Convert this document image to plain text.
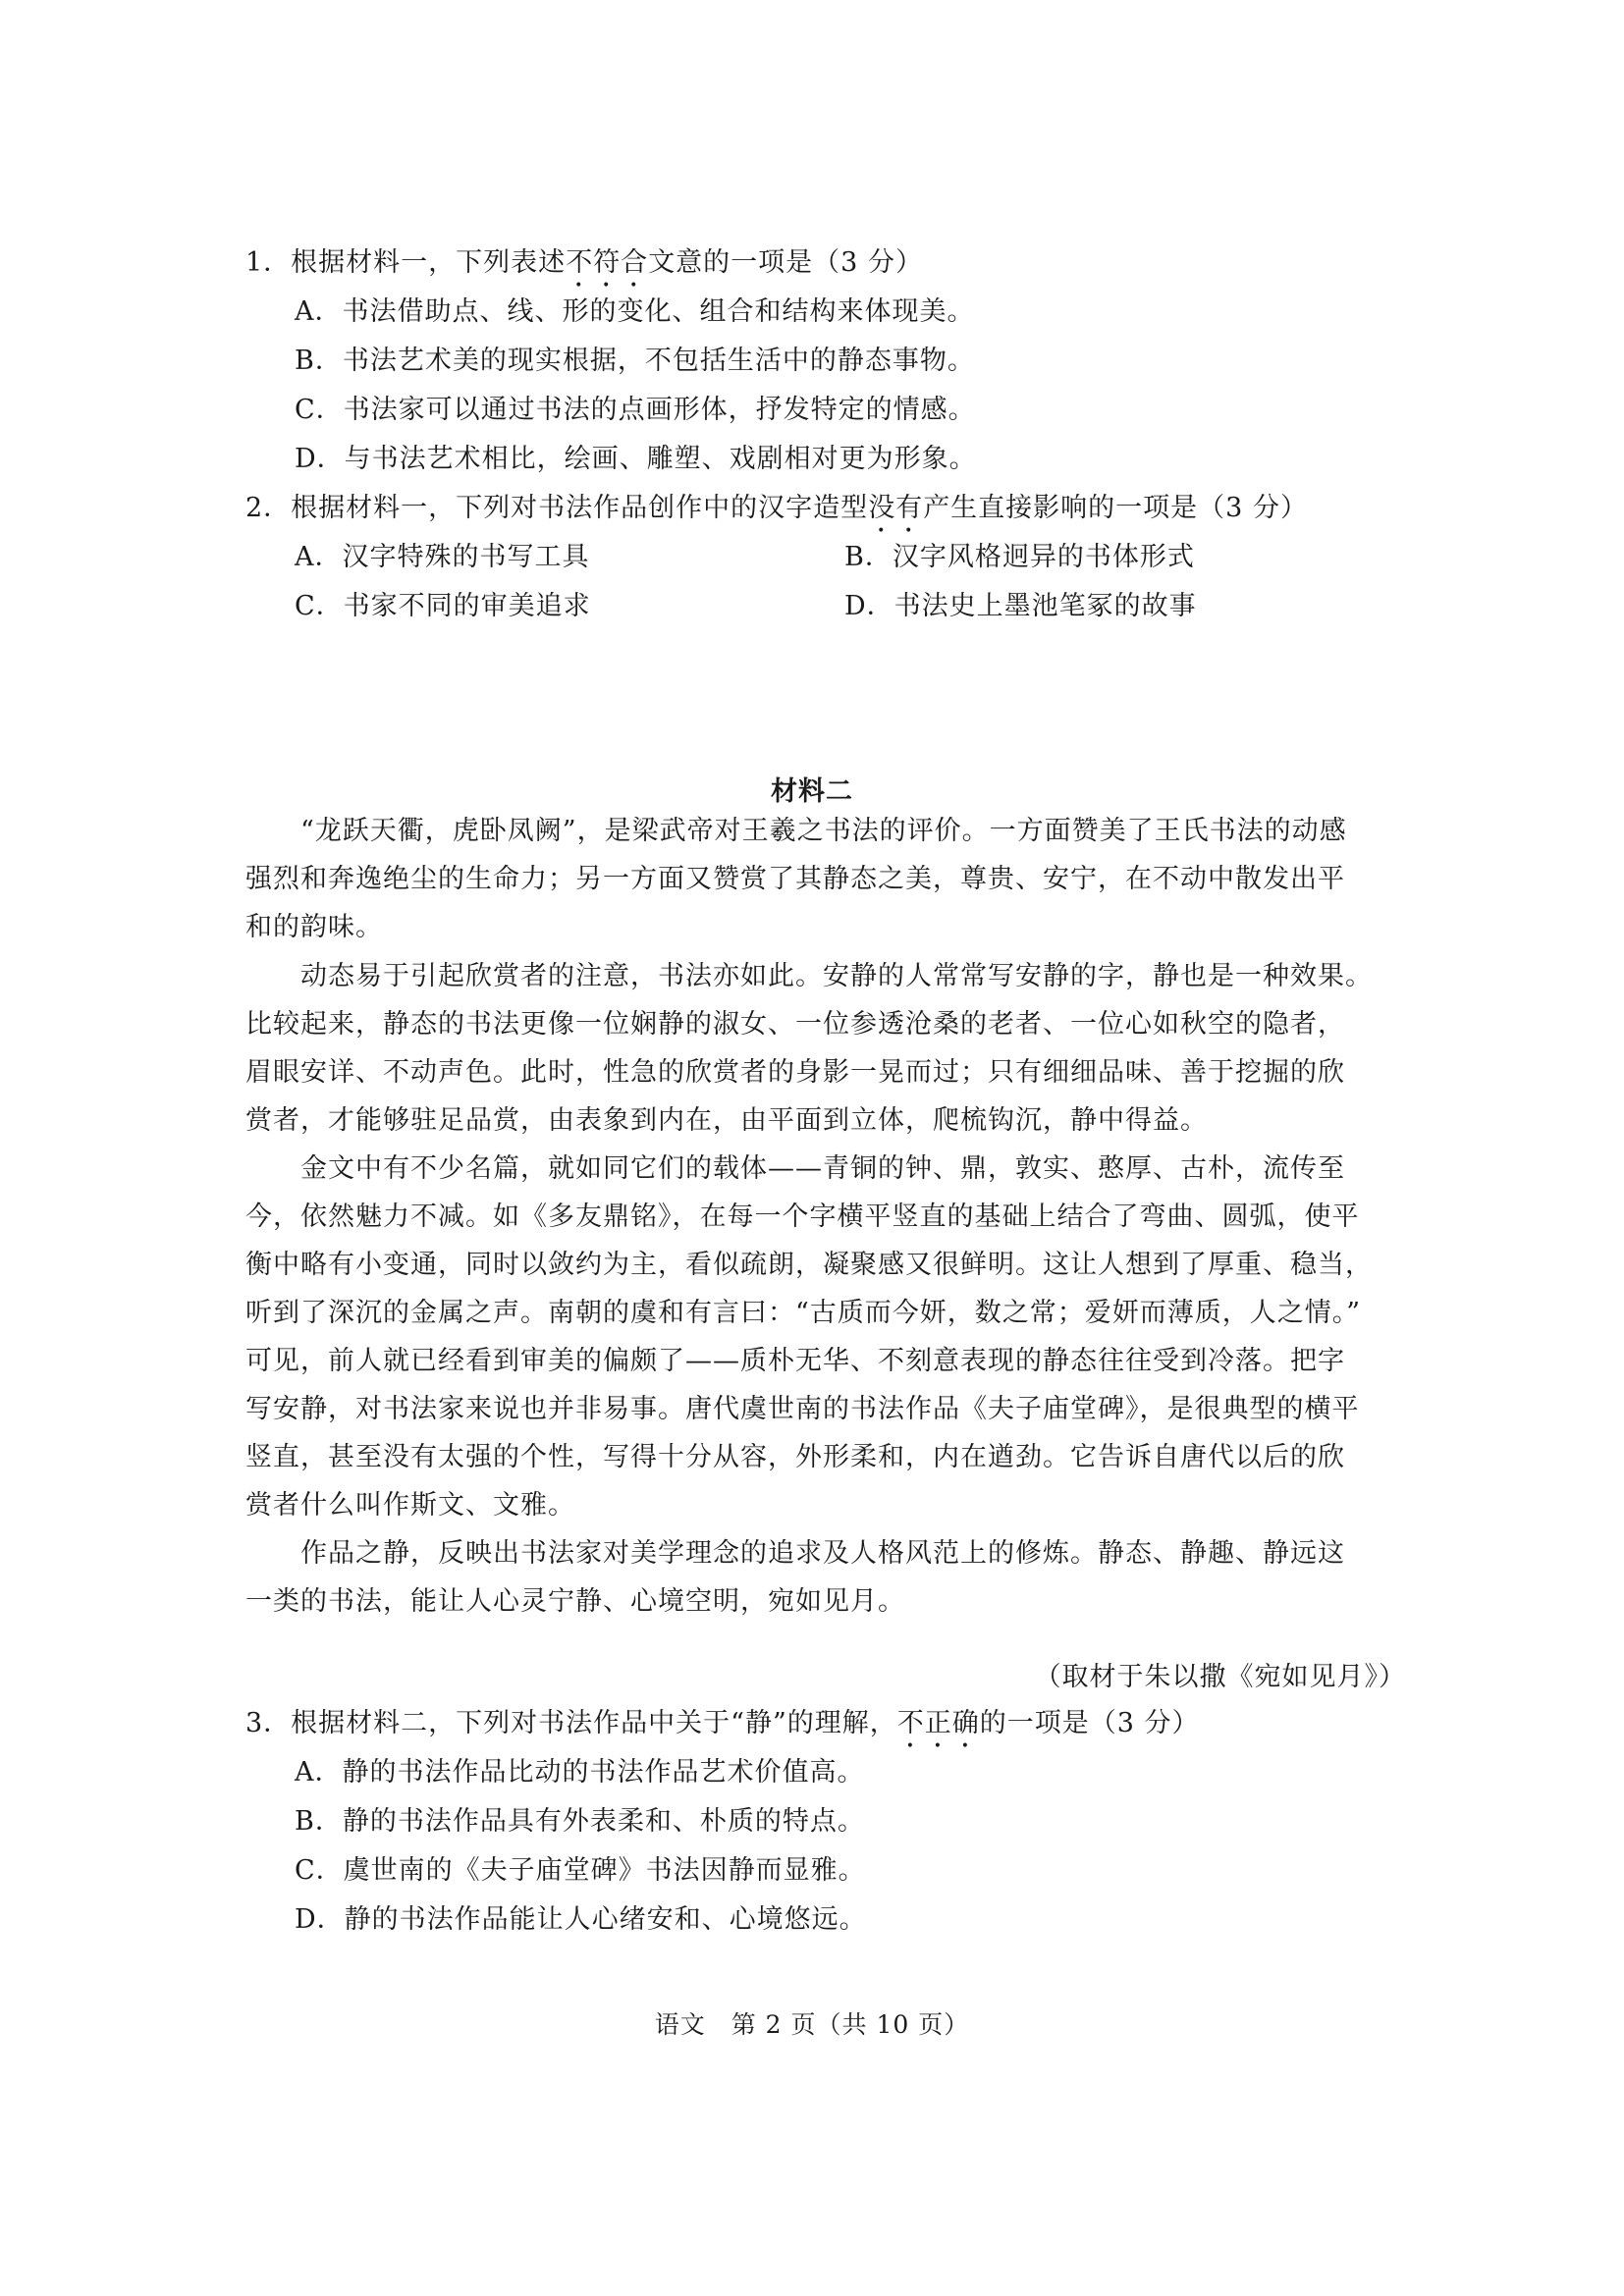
1．根据材料一，下列表述不符合文意的一项是（3 分）
A．书法借助点、线、形的变化、组合和结构来体现美。
B．书法艺术美的现实根据，不包括生活中的静态事物。
C．书法家可以通过书法的点画形体，抒发特定的情感。
D．与书法艺术相比，绘画、雕塑、戏剧相对更为形象。
2．根据材料一，下列对书法作品创作中的汉字造型没有产生直接影响的一项是（3 分）
A．汉字特殊的书写工具	B．汉字风格迥异的书体形式
C．书家不同的审美追求	D．书法史上墨池笔冢的故事
材料二
　　“龙跃天衢，虎卧凤阙”，是梁武帝对王羲之书法的评价。一方面赞美了王氏书法的动感
强烈和奔逸绝尘的生命力；另一方面又赞赏了其静态之美，尊贵、安宁，在不动中散发出平
和的韵味。
　　动态易于引起欣赏者的注意，书法亦如此。安静的人常常写安静的字，静也是一种效果。
比较起来，静态的书法更像一位娴静的淑女、一位参透沧桑的老者、一位心如秋空的隐者，
眉眼安详、不动声色。此时，性急的欣赏者的身影一晃而过；只有细细品味、善于挖掘的欣
赏者，才能够驻足品赏，由表象到内在，由平面到立体，爬梳钩沉，静中得益。
　　金文中有不少名篇，就如同它们的载体——青铜的钟、鼎，敦实、憨厚、古朴，流传至
今，依然魅力不减。如《多友鼎铭》，在每一个字横平竖直的基础上结合了弯曲、圆弧，使平
衡中略有小变通，同时以敛约为主，看似疏朗，凝聚感又很鲜明。这让人想到了厚重、稳当，
听到了深沉的金属之声。南朝的虞和有言曰：“古质而今妍，数之常；爱妍而薄质，人之情。”
可见，前人就已经看到审美的偏颇了——质朴无华、不刻意表现的静态往往受到冷落。把字
写安静，对书法家来说也并非易事。唐代虞世南的书法作品《夫子庙堂碑》，是很典型的横平
竖直，甚至没有太强的个性，写得十分从容，外形柔和，内在遒劲。它告诉自唐代以后的欣
赏者什么叫作斯文、文雅。
　　作品之静，反映出书法家对美学理念的追求及人格风范上的修炼。静态、静趣、静远这
一类的书法，能让人心灵宁静、心境空明，宛如见月。
（取材于朱以撒《宛如见月》）
3．根据材料二，下列对书法作品中关于“静”的理解，不正确的一项是（3 分）
A．静的书法作品比动的书法作品艺术价值高。
B．静的书法作品具有外表柔和、朴质的特点。
C．虞世南的《夫子庙堂碑》书法因静而显雅。
D．静的书法作品能让人心绪安和、心境悠远。
语文　第 2 页（共 10 页）
